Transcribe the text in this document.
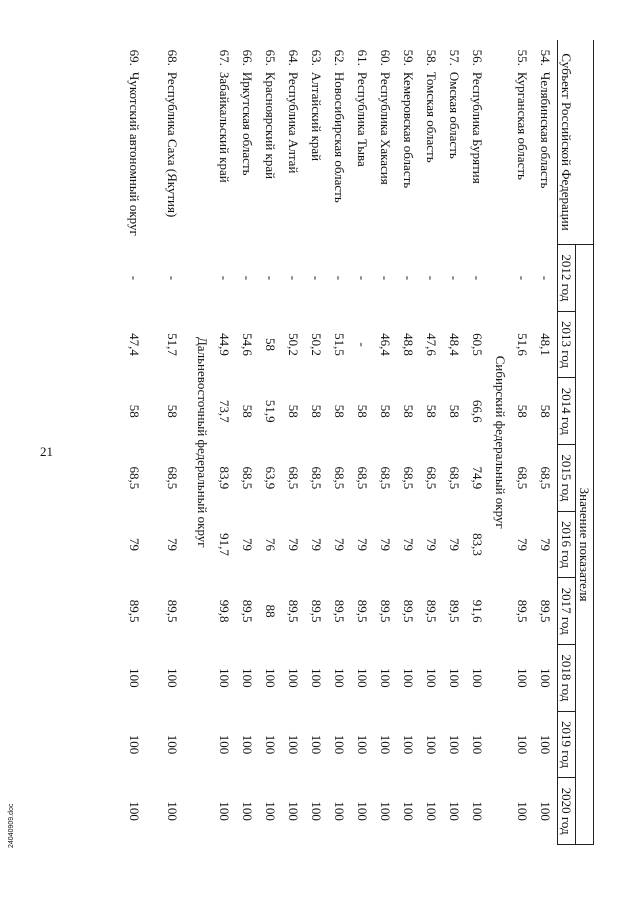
21
24040909.doc
		Значение показателя								
Субъект Российской Федерации		2012 год	2013 год	2014 год	2015 год	2016 год	2017 год	2018 год	2019 год	2020 год
54.	Челябинская область	-	48,1	58	68,5	79	89,5	100	100	100
55.	Курганская область	-	51,6	58	68,5	79	89,5	100	100	100
Сибирский федеральный округ										
56.	Республика Бурятия	-	60,5	66,6	74,9	83,3	91,6	100	100	100
57.	Омская область	-	48,4	58	68,5	79	89,5	100	100	100
58.	Томская область	-	47,6	58	68,5	79	89,5	100	100	100
59.	Кемеровская область	-	48,8	58	68,5	79	89,5	100	100	100
60.	Республика Хакасия	-	46,4	58	68,5	79	89,5	100	100	100
61.	Республика Тыва	-	-	58	68,5	79	89,5	100	100	100
62.	Новосибирская область	-	51,5	58	68,5	79	89,5	100	100	100
63.	Алтайский край	-	50,2	58	68,5	79	89,5	100	100	100
64.	Республика Алтай	-	50,2	58	68,5	79	89,5	100	100	100
65.	Красноярский край	-	58	51,9	63,9	76	88	100	100	100
66.	Иркутская область	-	54,6	58	68,5	79	89,5	100	100	100
67.	Забайкальский край	-	44,9	73,7	83,9	91,7	99,8	100	100	100
Дальневосточный федеральный округ										
68.	Республика Саха (Якутия)	-	51,7	58	68,5	79	89,5	100	100	100
69.	Чукотский автономный округ	-	47,4	58	68,5	79	89,5	100	100	100
